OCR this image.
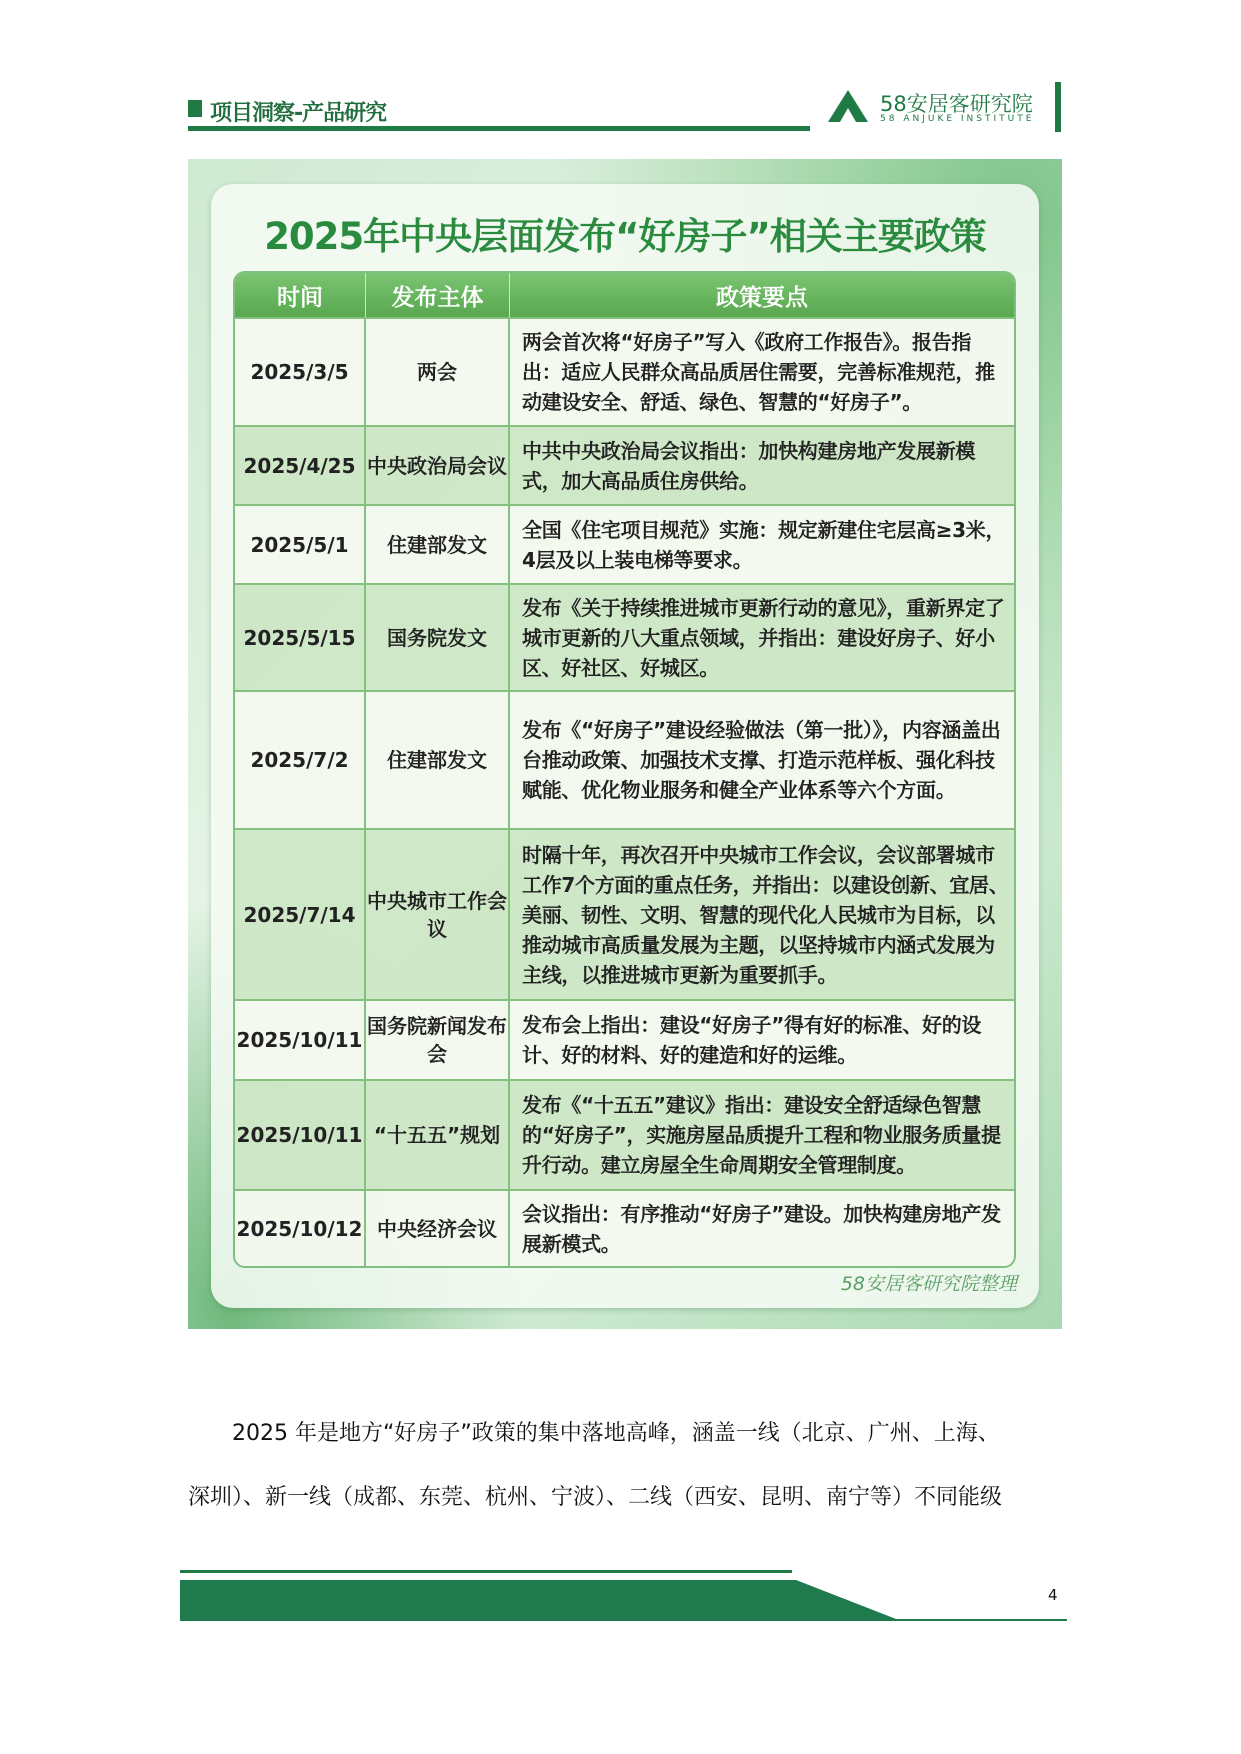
项目洞察-产品研究	58安居客研究院
58 ANJUKE INSTITUTE
2025年中央层面发布“好房子”相关主要政策
时间	发布主体	政策要点
2025/3/5	两会	两会首次将“好房子”写入《政府工作报告》。报告指出：适应人民群众高品质居住需要，完善标准规范，推动建设安全、舒适、绿色、智慧的“好房子”。
2025/4/25	中央政治局会议	中共中央政治局会议指出：加快构建房地产发展新模式，加大高品质住房供给。
2025/5/1	住建部发文	全国《住宅项目规范》实施：规定新建住宅层高≥3米，4层及以上装电梯等要求。
2025/5/15	国务院发文	发布《关于持续推进城市更新行动的意见》，重新界定了城市更新的八大重点领域，并指出：建设好房子、好小区、好社区、好城区。
2025/7/2	住建部发文	发布《“好房子”建设经验做法（第一批）》，内容涵盖出台推动政策、加强技术支撑、打造示范样板、强化科技赋能、优化物业服务和健全产业体系等六个方面。
2025/7/14	中央城市工作会议	时隔十年，再次召开中央城市工作会议，会议部署城市工作7个方面的重点任务，并指出：以建设创新、宜居、美丽、韧性、文明、智慧的现代化人民城市为目标，以推动城市高质量发展为主题，以坚持城市内涵式发展为主线，以推进城市更新为重要抓手。
2025/10/11	国务院新闻发布会	发布会上指出：建设“好房子”得有好的标准、好的设计、好的材料、好的建造和好的运维。
2025/10/11	“十五五”规划	发布《“十五五”建议》指出：建设安全舒适绿色智慧的“好房子”，实施房屋品质提升工程和物业服务质量提升行动。建立房屋全生命周期安全管理制度。
2025/10/12	中央经济会议	会议指出：有序推动“好房子”建设。加快构建房地产发展新模式。
58安居客研究院整理
2025 年是地方“好房子”政策的集中落地高峰，涵盖一线（北京、广州、上海、
深圳）、新一线（成都、东莞、杭州、宁波）、二线（西安、昆明、南宁等）不同能级
4
